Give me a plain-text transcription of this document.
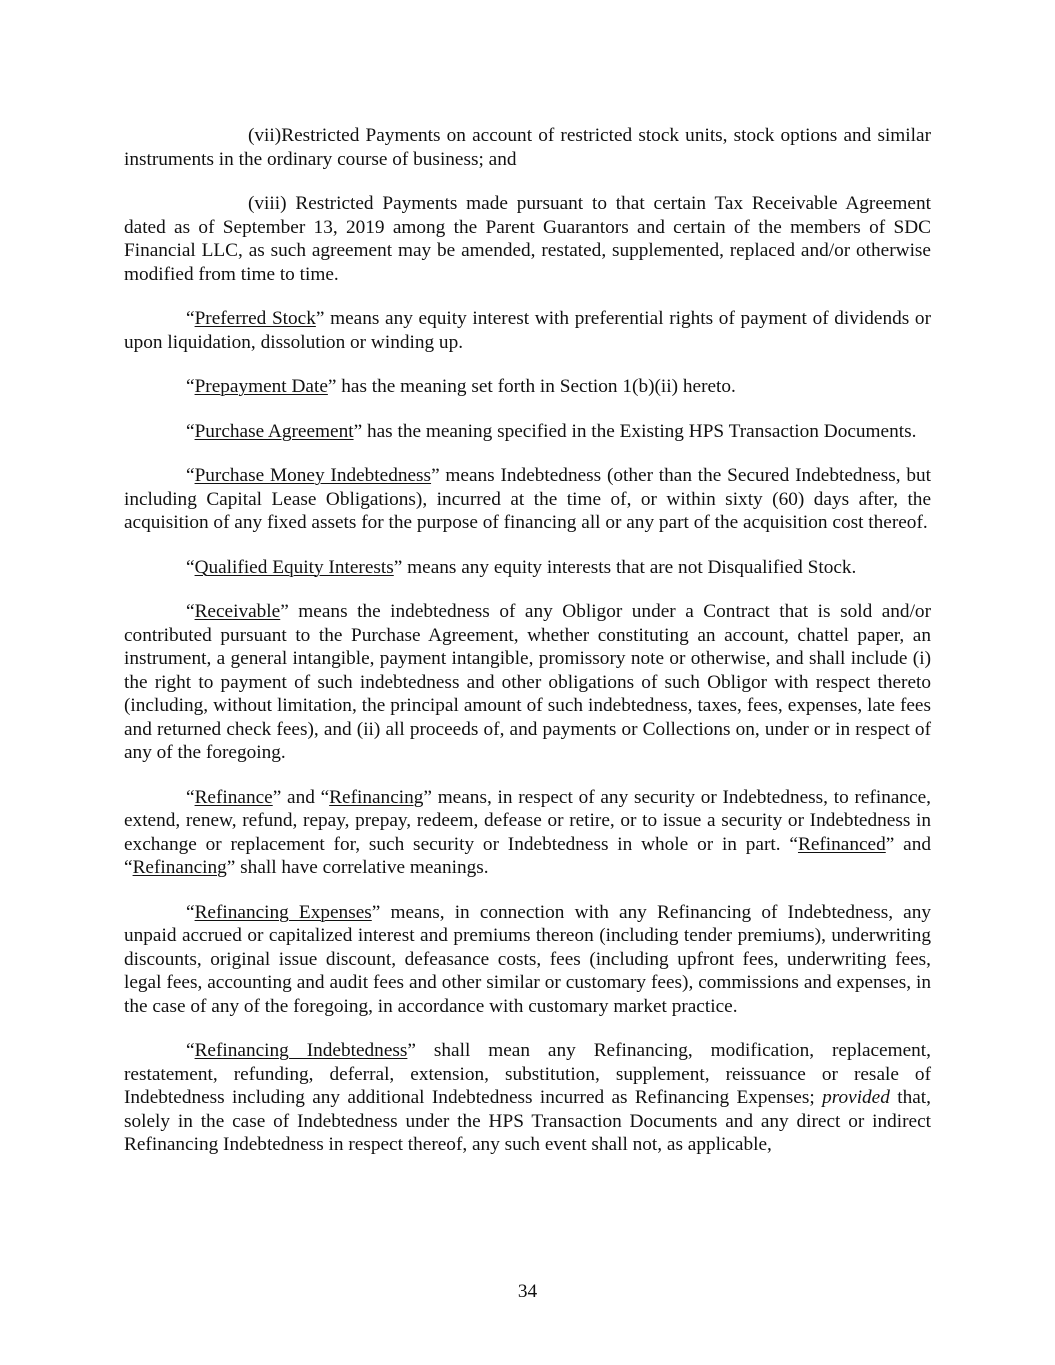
(vii)Restricted Payments on account of restricted stock units, stock options and similar instruments in the ordinary course of business; and

(viii) Restricted Payments made pursuant to that certain Tax Receivable Agreement dated as of September 13, 2019 among the Parent Guarantors and certain of the members of SDC Financial LLC, as such agreement may be amended, restated, supplemented, replaced and/or otherwise modified from time to time.

“Preferred Stock” means any equity interest with preferential rights of payment of dividends or upon liquidation, dissolution or winding up.

“Prepayment Date” has the meaning set forth in Section 1(b)(ii) hereto.

“Purchase Agreement” has the meaning specified in the Existing HPS Transaction Documents.

“Purchase Money Indebtedness” means Indebtedness (other than the Secured Indebtedness, but including Capital Lease Obligations), incurred at the time of, or within sixty (60) days after, the acquisition of any fixed assets for the purpose of financing all or any part of the acquisition cost thereof.

“Qualified Equity Interests” means any equity interests that are not Disqualified Stock.

“Receivable” means the indebtedness of any Obligor under a Contract that is sold and/or contributed pursuant to the Purchase Agreement, whether constituting an account, chattel paper, an instrument, a general intangible, payment intangible, promissory note or otherwise, and shall include (i) the right to payment of such indebtedness and other obligations of such Obligor with respect thereto (including, without limitation, the principal amount of such indebtedness, taxes, fees, expenses, late fees and returned check fees), and (ii) all proceeds of, and payments or Collections on, under or in respect of any of the foregoing.

“Refinance” and “Refinancing” means, in respect of any security or Indebtedness, to refinance, extend, renew, refund, repay, prepay, redeem, defease or retire, or to issue a security or Indebtedness in exchange or replacement for, such security or Indebtedness in whole or in part. “Refinanced” and “Refinancing” shall have correlative meanings.

“Refinancing Expenses” means, in connection with any Refinancing of Indebtedness, any unpaid accrued or capitalized interest and premiums thereon (including tender premiums), underwriting discounts, original issue discount, defeasance costs, fees (including upfront fees, underwriting fees, legal fees, accounting and audit fees and other similar or customary fees), commissions and expenses, in the case of any of the foregoing, in accordance with customary market practice.

“Refinancing Indebtedness” shall mean any Refinancing, modification, replacement, restatement, refunding, deferral, extension, substitution, supplement, reissuance or resale of Indebtedness including any additional Indebtedness incurred as Refinancing Expenses; provided that, solely in the case of Indebtedness under the HPS Transaction Documents and any direct or indirect Refinancing Indebtedness in respect thereof, any such event shall not, as applicable,

34
